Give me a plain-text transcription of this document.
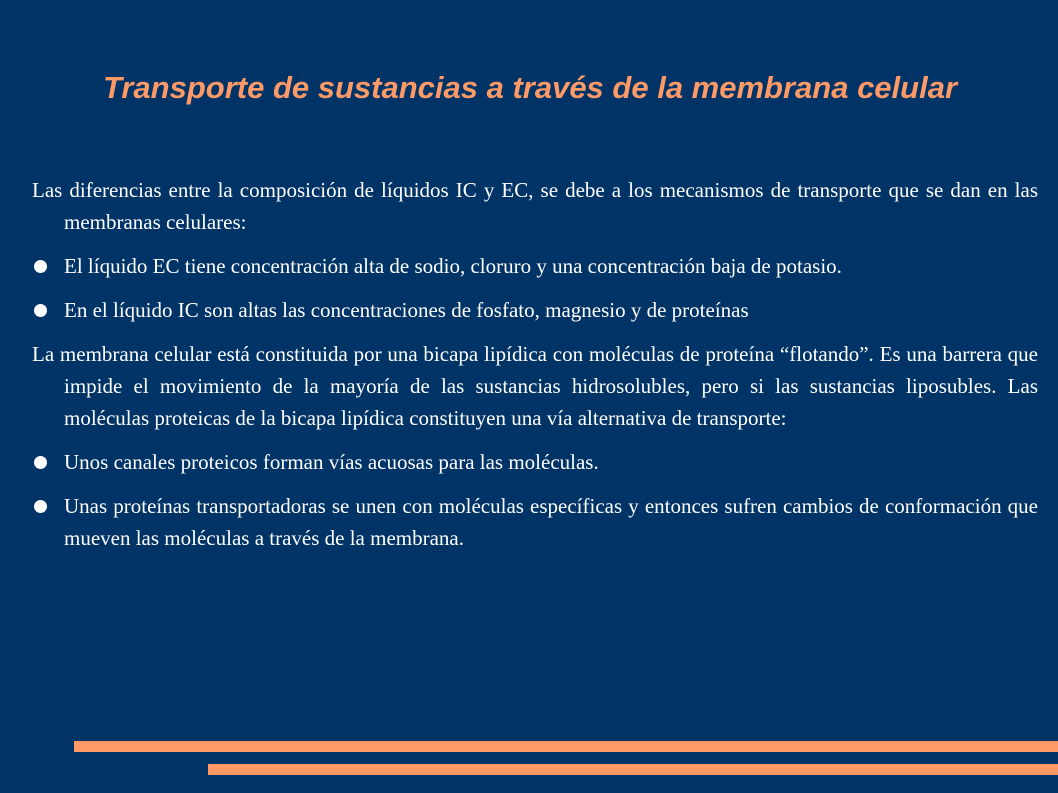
Transporte de sustancias a través de la membrana celular

Las diferencias entre la composición de líquidos IC y EC, se debe a los mecanismos de transporte que se dan en las membranas celulares:

El líquido EC tiene concentración alta de sodio, cloruro y una concentración baja de potasio.
En el líquido IC son altas las concentraciones de fosfato, magnesio y de proteínas

La membrana celular está constituida por una bicapa lipídica con moléculas de proteína “flotando”. Es una barrera que impide el movimiento de la mayoría de las sustancias hidrosolubles, pero si las sustancias liposubles. Las moléculas proteicas de la bicapa lipídica constituyen una vía alternativa de transporte:

Unos canales proteicos forman vías acuosas para las moléculas.
Unas proteínas transportadoras se unen con moléculas específicas y entonces sufren cambios de conformación que mueven las moléculas a través de la membrana.
